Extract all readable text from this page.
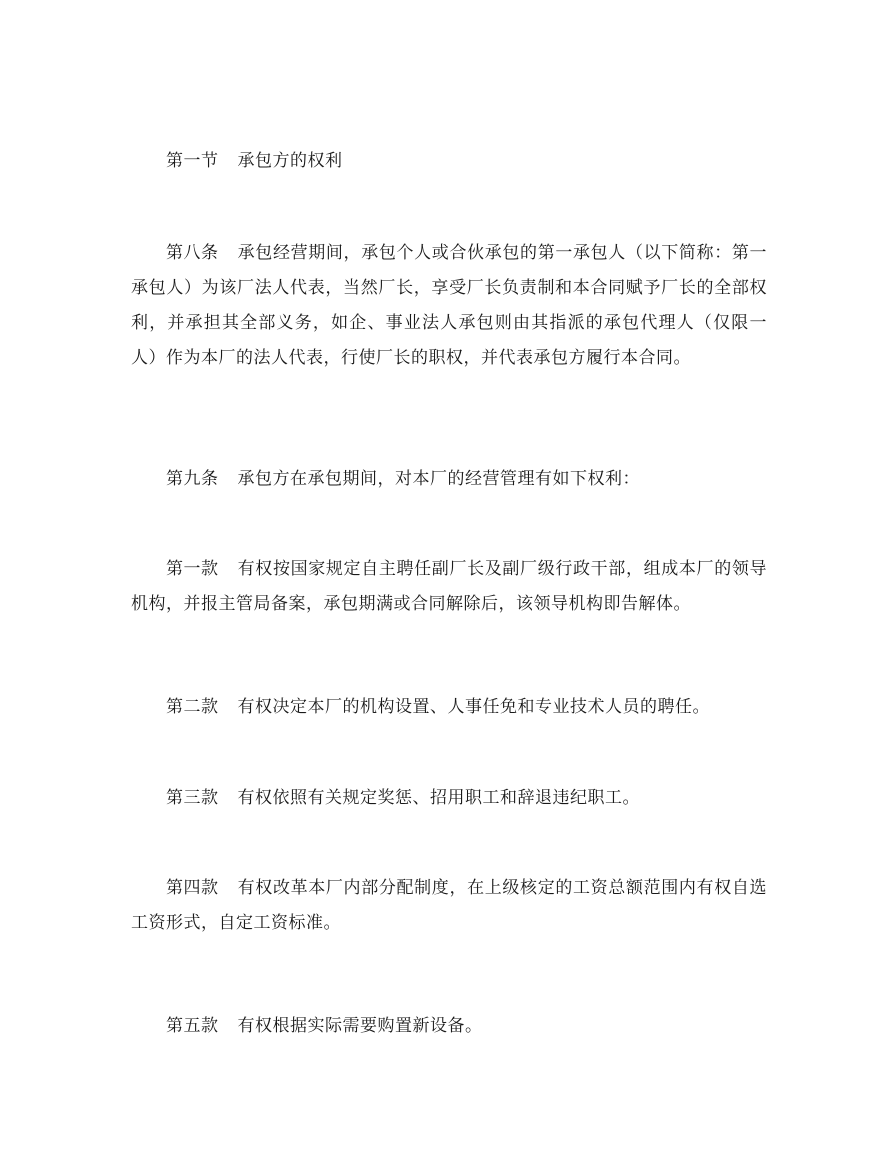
第一节 承包方的权利

第八条 承包经营期间，承包个人或合伙承包的第一承包人（以下简称：第一承包人）为该厂法人代表，当然厂长，享受厂长负责制和本合同赋予厂长的全部权利，并承担其全部义务，如企、事业法人承包则由其指派的承包代理人（仅限一人）作为本厂的法人代表，行使厂长的职权，并代表承包方履行本合同。

第九条 承包方在承包期间，对本厂的经营管理有如下权利：

第一款 有权按国家规定自主聘任副厂长及副厂级行政干部，组成本厂的领导机构，并报主管局备案，承包期满或合同解除后，该领导机构即告解体。

第二款 有权决定本厂的机构设置、人事任免和专业技术人员的聘任。

第三款 有权依照有关规定奖惩、招用职工和辞退违纪职工。

第四款 有权改革本厂内部分配制度，在上级核定的工资总额范围内有权自选工资形式，自定工资标准。

第五款 有权根据实际需要购置新设备。
